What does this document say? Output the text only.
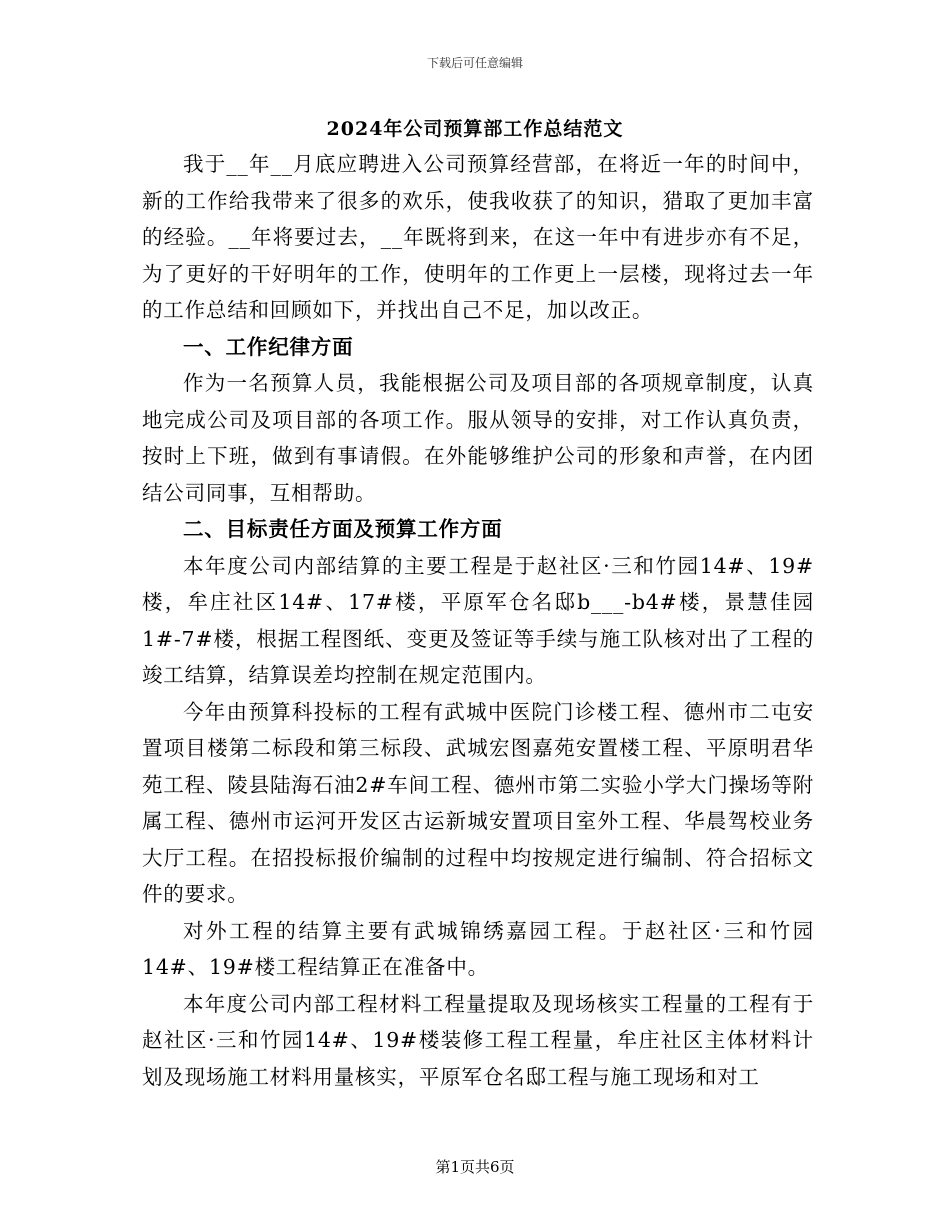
下载后可任意编辑
2024年公司预算部工作总结范文

我于__年__月底应聘进入公司预算经营部，在将近一年的时间中，新的工作给我带来了很多的欢乐，使我收获了的知识，猎取了更加丰富的经验。__年将要过去，__年既将到来，在这一年中有进步亦有不足，为了更好的干好明年的工作，使明年的工作更上一层楼，现将过去一年的工作总结和回顾如下，并找出自己不足，加以改正。

一、工作纪律方面

作为一名预算人员，我能根据公司及项目部的各项规章制度，认真地完成公司及项目部的各项工作。服从领导的安排，对工作认真负责，按时上下班，做到有事请假。在外能够维护公司的形象和声誉，在内团结公司同事，互相帮助。

二、目标责任方面及预算工作方面

本年度公司内部结算的主要工程是于赵社区·三和竹园14#、19#楼，牟庄社区14#、17#楼，平原军仓名邸b___-b4#楼，景慧佳园1#-7#楼，根据工程图纸、变更及签证等手续与施工队核对出了工程的竣工结算，结算误差均控制在规定范围内。

今年由预算科投标的工程有武城中医院门诊楼工程、德州市二屯安置项目楼第二标段和第三标段、武城宏图嘉苑安置楼工程、平原明君华苑工程、陵县陆海石油2#车间工程、德州市第二实验小学大门操场等附属工程、德州市运河开发区古运新城安置项目室外工程、华晨驾校业务大厅工程。在招投标报价编制的过程中均按规定进行编制、符合招标文件的要求。

对外工程的结算主要有武城锦绣嘉园工程。于赵社区·三和竹园14#、19#楼工程结算正在准备中。

本年度公司内部工程材料工程量提取及现场核实工程量的工程有于赵社区·三和竹园14#、19#楼装修工程工程量，牟庄社区主体材料计划及现场施工材料用量核实，平原军仓名邸工程与施工现场和对工

第1页共6页
